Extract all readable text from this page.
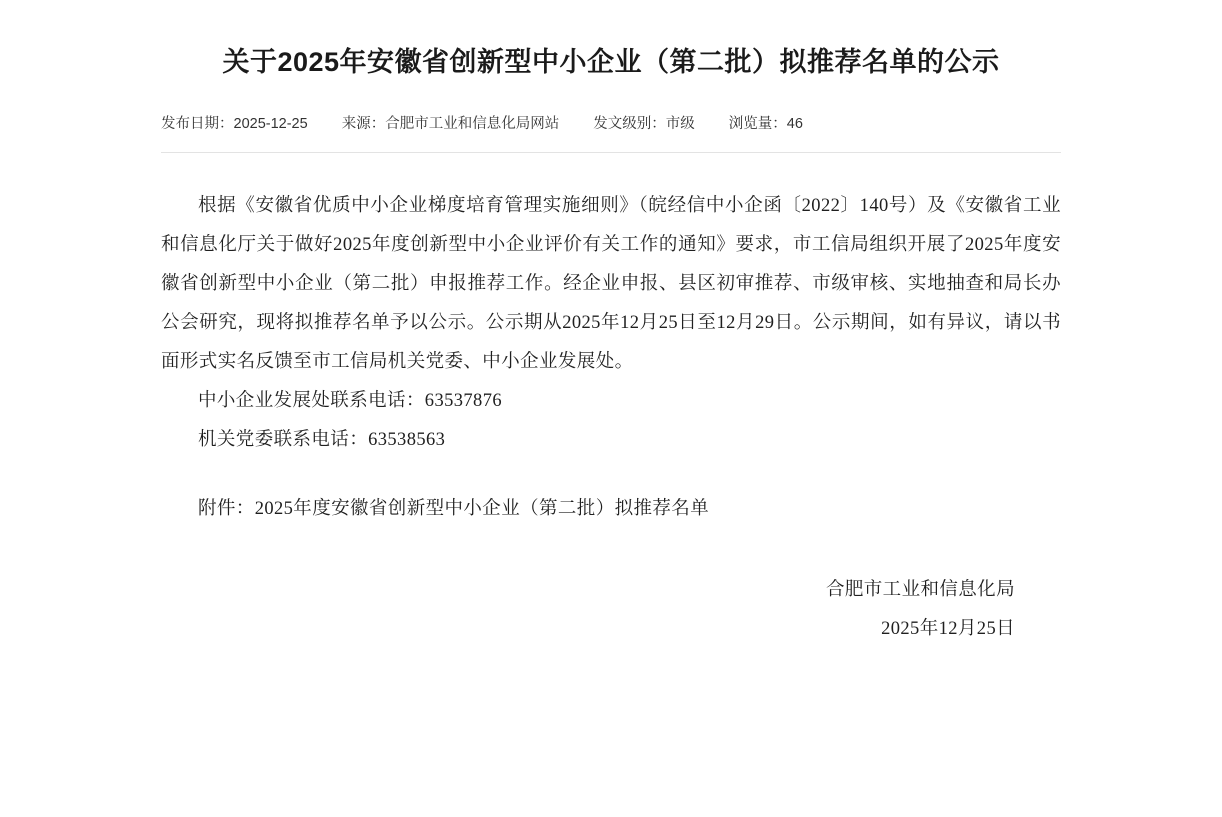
关于2025年安徽省创新型中小企业（第二批）拟推荐名单的公示
发布日期：2025-12-25 来源：合肥市工业和信息化局网站 发文级别：市级 浏览量：46

根据《安徽省优质中小企业梯度培育管理实施细则》（皖经信中小企函〔2022〕140号）及《安徽省工业和信息化厅关于做好2025年度创新型中小企业评价有关工作的通知》要求，市工信局组织开展了2025年度安徽省创新型中小企业（第二批）申报推荐工作。经企业申报、县区初审推荐、市级审核、实地抽查和局长办公会研究，现将拟推荐名单予以公示。公示期从2025年12月25日至12月29日。公示期间，如有异议，请以书面形式实名反馈至市工信局机关党委、中小企业发展处。

中小企业发展处联系电话：63537876

机关党委联系电话：63538563

附件：2025年度安徽省创新型中小企业（第二批）拟推荐名单
合肥市工业和信息化局
2025年12月25日
